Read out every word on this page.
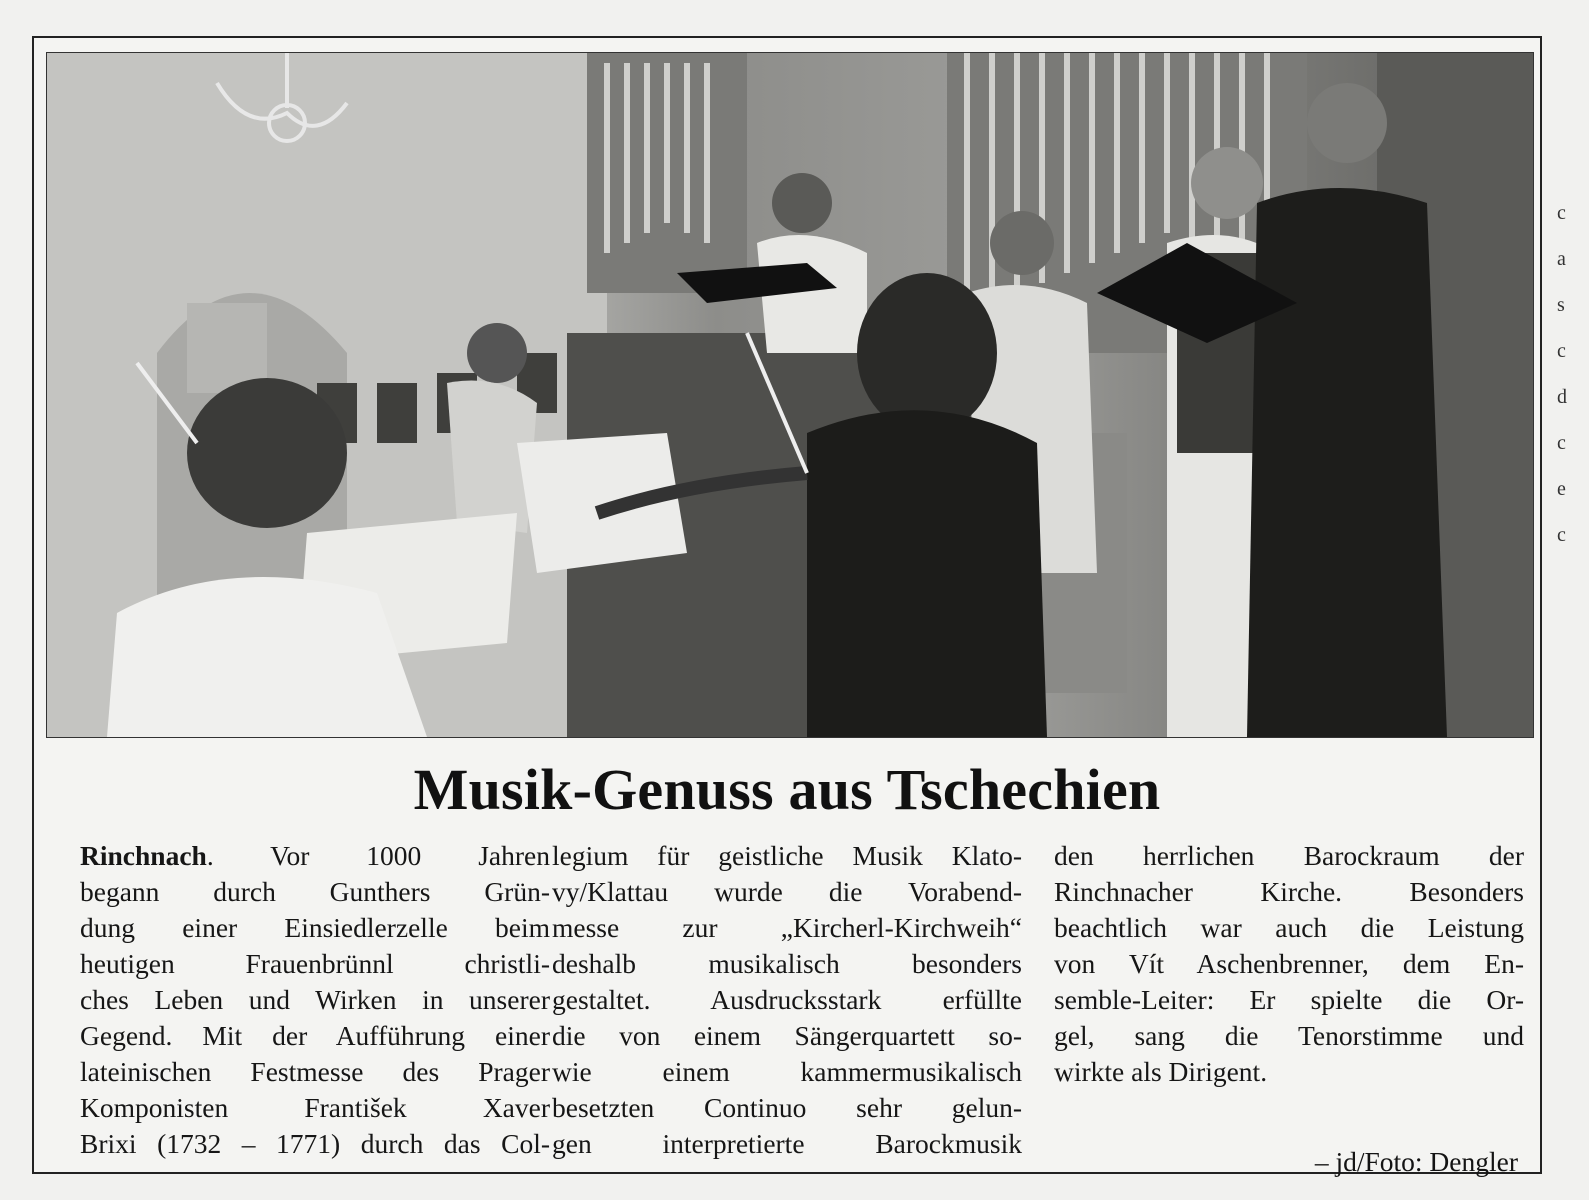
Musik-Genuss aus Tschechien
Rinchnach. Vor 1000 Jahren
begann durch Gunthers Grün-
dung einer Einsiedlerzelle beim
heutigen Frauenbrünnl christli-
ches Leben und Wirken in unserer
Gegend. Mit der Aufführung einer
lateinischen Festmesse des Prager
Komponisten František Xaver
Brixi (1732 – 1771) durch das Col-
legium für geistliche Musik Klato-
vy/Klattau wurde die Vorabend-
messe zur „Kircherl-Kirchweih“
deshalb musikalisch besonders
gestaltet. Ausdrucksstark erfüllte
die von einem Sängerquartett so-
wie einem kammermusikalisch
besetzten Continuo sehr gelun-
gen interpretierte Barockmusik
den herrlichen Barockraum der
Rinchnacher Kirche. Besonders
beachtlich war auch die Leistung
von Vít Aschenbrenner, dem En-
semble-Leiter: Er spielte die Or-
gel, sang die Tenorstimme und
wirkte als Dirigent.
– jd/Foto: Dengler
c
a
s
c
d
c
e
c
